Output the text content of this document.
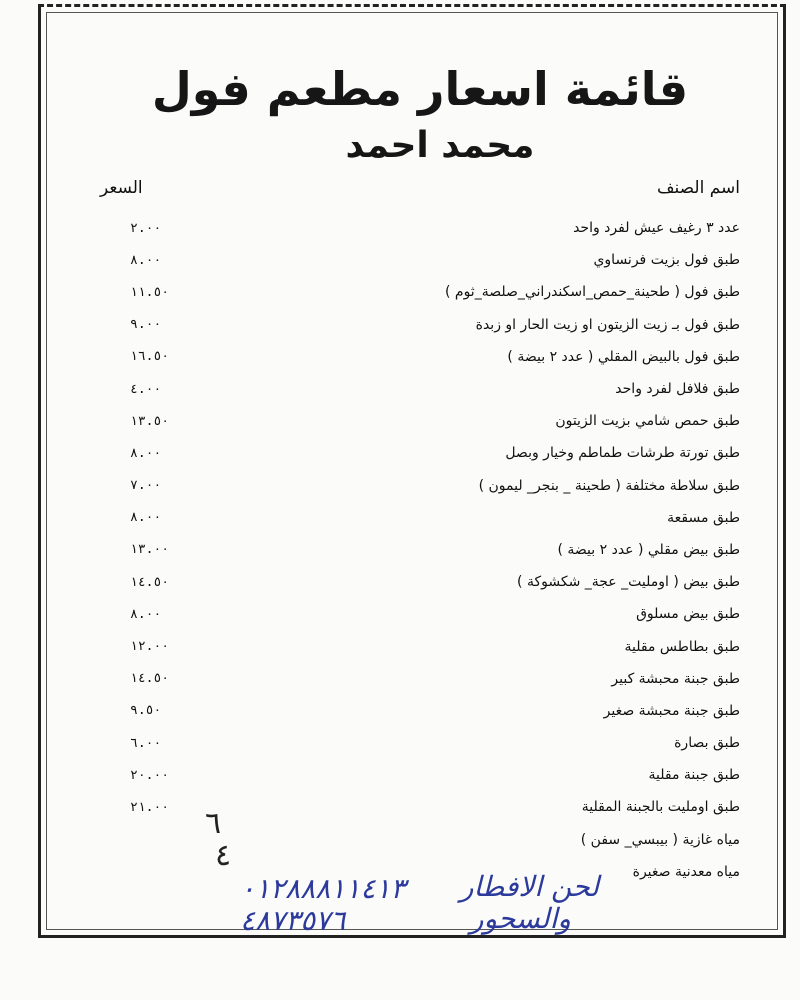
قائمة اسعار مطعم فول
محمد احمد
اسم الصنف
السعر
عدد ٣ رغيف عيش لفرد واحد
٢.٠٠
طبق فول بزيت فرنساوي
٨.٠٠
طبق فول ( طحينة_حمص_اسكندراني_صلصة_ثوم )
١١.٥٠
طبق فول بـ زيت الزيتون او زيت الحار او زبدة
٩.٠٠
طبق فول بالبيض المقلي ( عدد ٢ بيضة )
١٦.٥٠
طبق فلافل لفرد واحد
٤.٠٠
طبق حمص شامي بزيت الزيتون
١٣.٥٠
طبق تورتة طرشات طماطم وخيار وبصل
٨.٠٠
طبق سلاطة مختلفة ( طحينة _ بنجر_ ليمون )
٧.٠٠
طبق مسقعة
٨.٠٠
طبق بيض مقلي ( عدد ٢ بيضة )
١٣.٠٠
طبق بيض ( اومليت_ عجة_ شكشوكة )
١٤.٥٠
طبق بيض مسلوق
٨.٠٠
طبق بطاطس مقلية
١٢.٠٠
طبق جبنة محبشة كبير
١٤.٥٠
طبق جبنة محبشة صغير
٩.٥٠
طبق بصارة
٦.٠٠
طبق جبنة مقلية
٢٠.٠٠
طبق اومليت بالجبنة المقلية
٢١.٠٠
مياه غازية ( بيبسي_ سفن )
مياه معدنية صغيرة
٦
٤
٠١٢٨٨٨١١٤١٣
٤٨٧٣٥٧٦
لحن الافطار
والسحور
